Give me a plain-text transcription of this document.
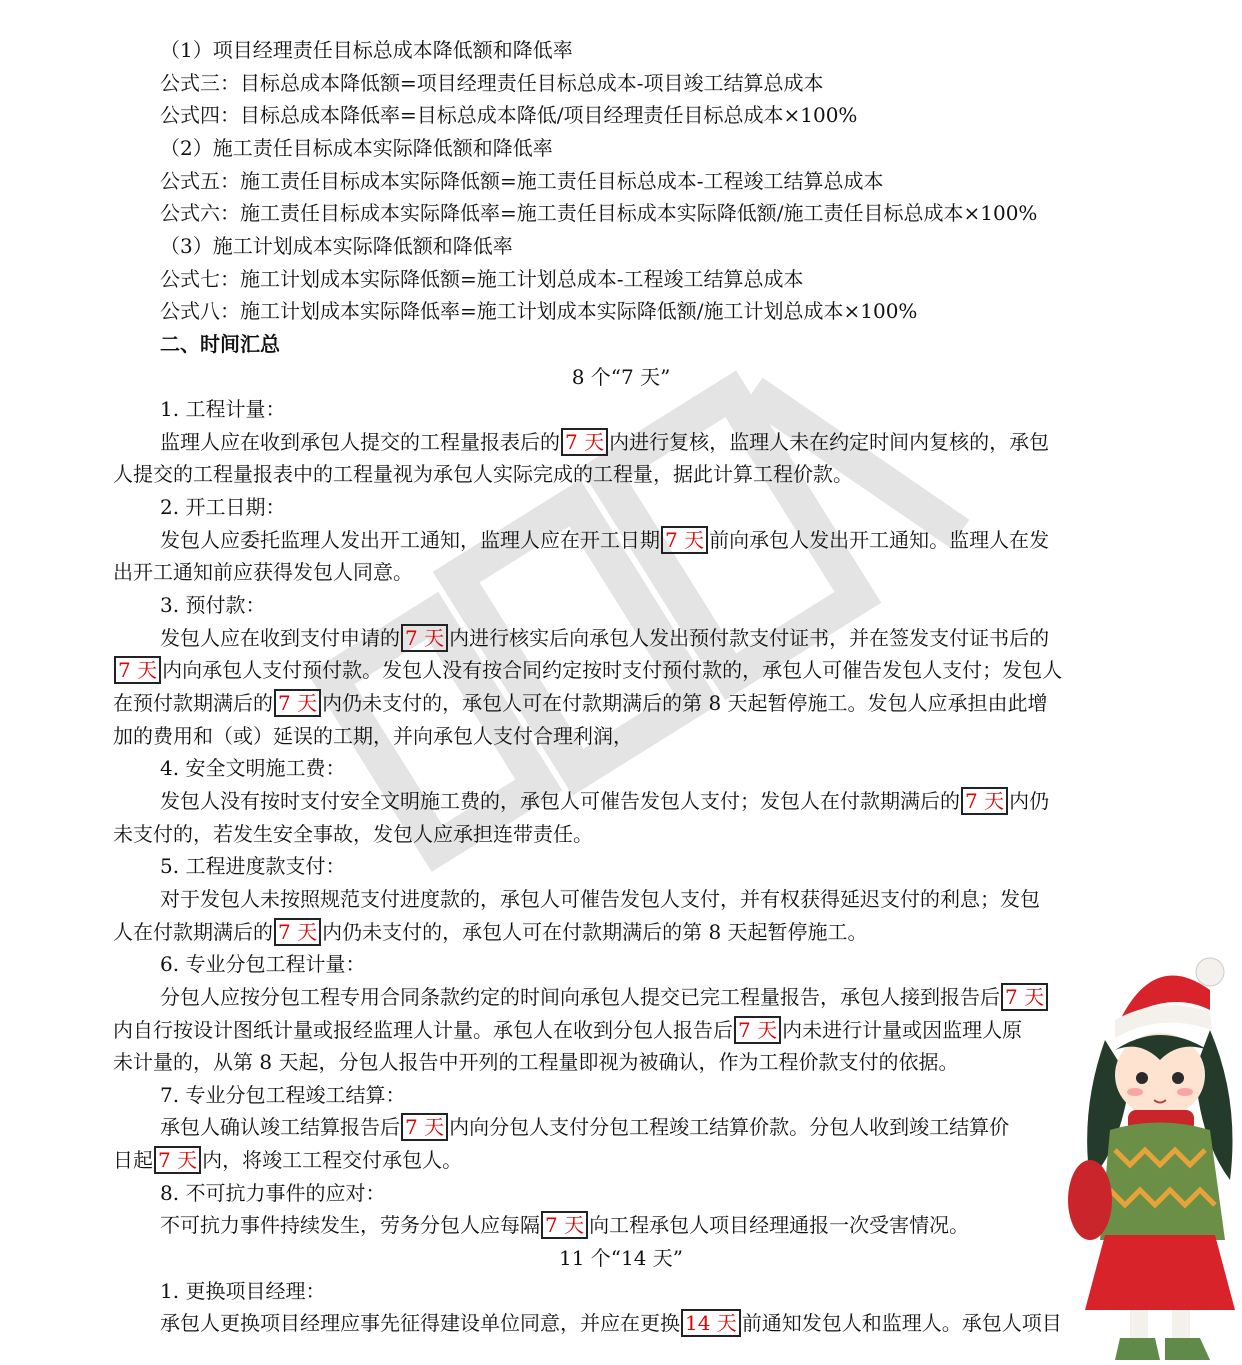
（1）项目经理责任目标总成本降低额和降低率
公式三：目标总成本降低额=项目经理责任目标总成本-项目竣工结算总成本
公式四：目标总成本降低率=目标总成本降低/项目经理责任目标总成本×100%
（2）施工责任目标成本实际降低额和降低率
公式五：施工责任目标成本实际降低额=施工责任目标总成本-工程竣工结算总成本
公式六：施工责任目标成本实际降低率=施工责任目标成本实际降低额/施工责任目标总成本×100%
（3）施工计划成本实际降低额和降低率
公式七：施工计划成本实际降低额=施工计划总成本-工程竣工结算总成本
公式八：施工计划成本实际降低率=施工计划成本实际降低额/施工计划总成本×100%
二、时间汇总
8 个“7 天”
1. 工程计量：
监理人应在收到承包人提交的工程量报表后的 7 天 内进行复核，监理人未在约定时间内复核的，承包
人提交的工程量报表中的工程量视为承包人实际完成的工程量，据此计算工程价款。
2. 开工日期：
发包人应委托监理人发出开工通知，监理人应在开工日期 7 天 前向承包人发出开工通知。监理人在发
出开工通知前应获得发包人同意。
3. 预付款：
发包人应在收到支付申请的 7 天 内进行核实后向承包人发出预付款支付证书，并在签发支付证书后的
7 天 内向承包人支付预付款。发包人没有按合同约定按时支付预付款的，承包人可催告发包人支付；发包人
在预付款期满后的 7 天 内仍未支付的，承包人可在付款期满后的第 8 天起暂停施工。发包人应承担由此增
加的费用和（或）延误的工期，并向承包人支付合理利润，
4. 安全文明施工费：
发包人没有按时支付安全文明施工费的，承包人可催告发包人支付；发包人在付款期满后的 7 天 内仍
未支付的，若发生安全事故，发包人应承担连带责任。
5. 工程进度款支付：
对于发包人未按照规范支付进度款的，承包人可催告发包人支付，并有权获得延迟支付的利息；发包
人在付款期满后的 7 天 内仍未支付的，承包人可在付款期满后的第 8 天起暂停施工。
6. 专业分包工程计量：
分包人应按分包工程专用合同条款约定的时间向承包人提交已完工程量报告，承包人接到报告后 7 天
内自行按设计图纸计量或报经监理人计量。承包人在收到分包人报告后 7 天 内未进行计量或因监理人原
未计量的，从第 8 天起，分包人报告中开列的工程量即视为被确认，作为工程价款支付的依据。
7. 专业分包工程竣工结算：
承包人确认竣工结算报告后 7 天 内向分包人支付分包工程竣工结算价款。分包人收到竣工结算价
日起 7 天 内，将竣工工程交付承包人。
8. 不可抗力事件的应对：
不可抗力事件持续发生，劳务分包人应每隔 7 天 向工程承包人项目经理通报一次受害情况。
11 个“14 天”
1. 更换项目经理：
承包人更换项目经理应事先征得建设单位同意，并应在更换 14 天 前通知发包人和监理人。承包人项目
